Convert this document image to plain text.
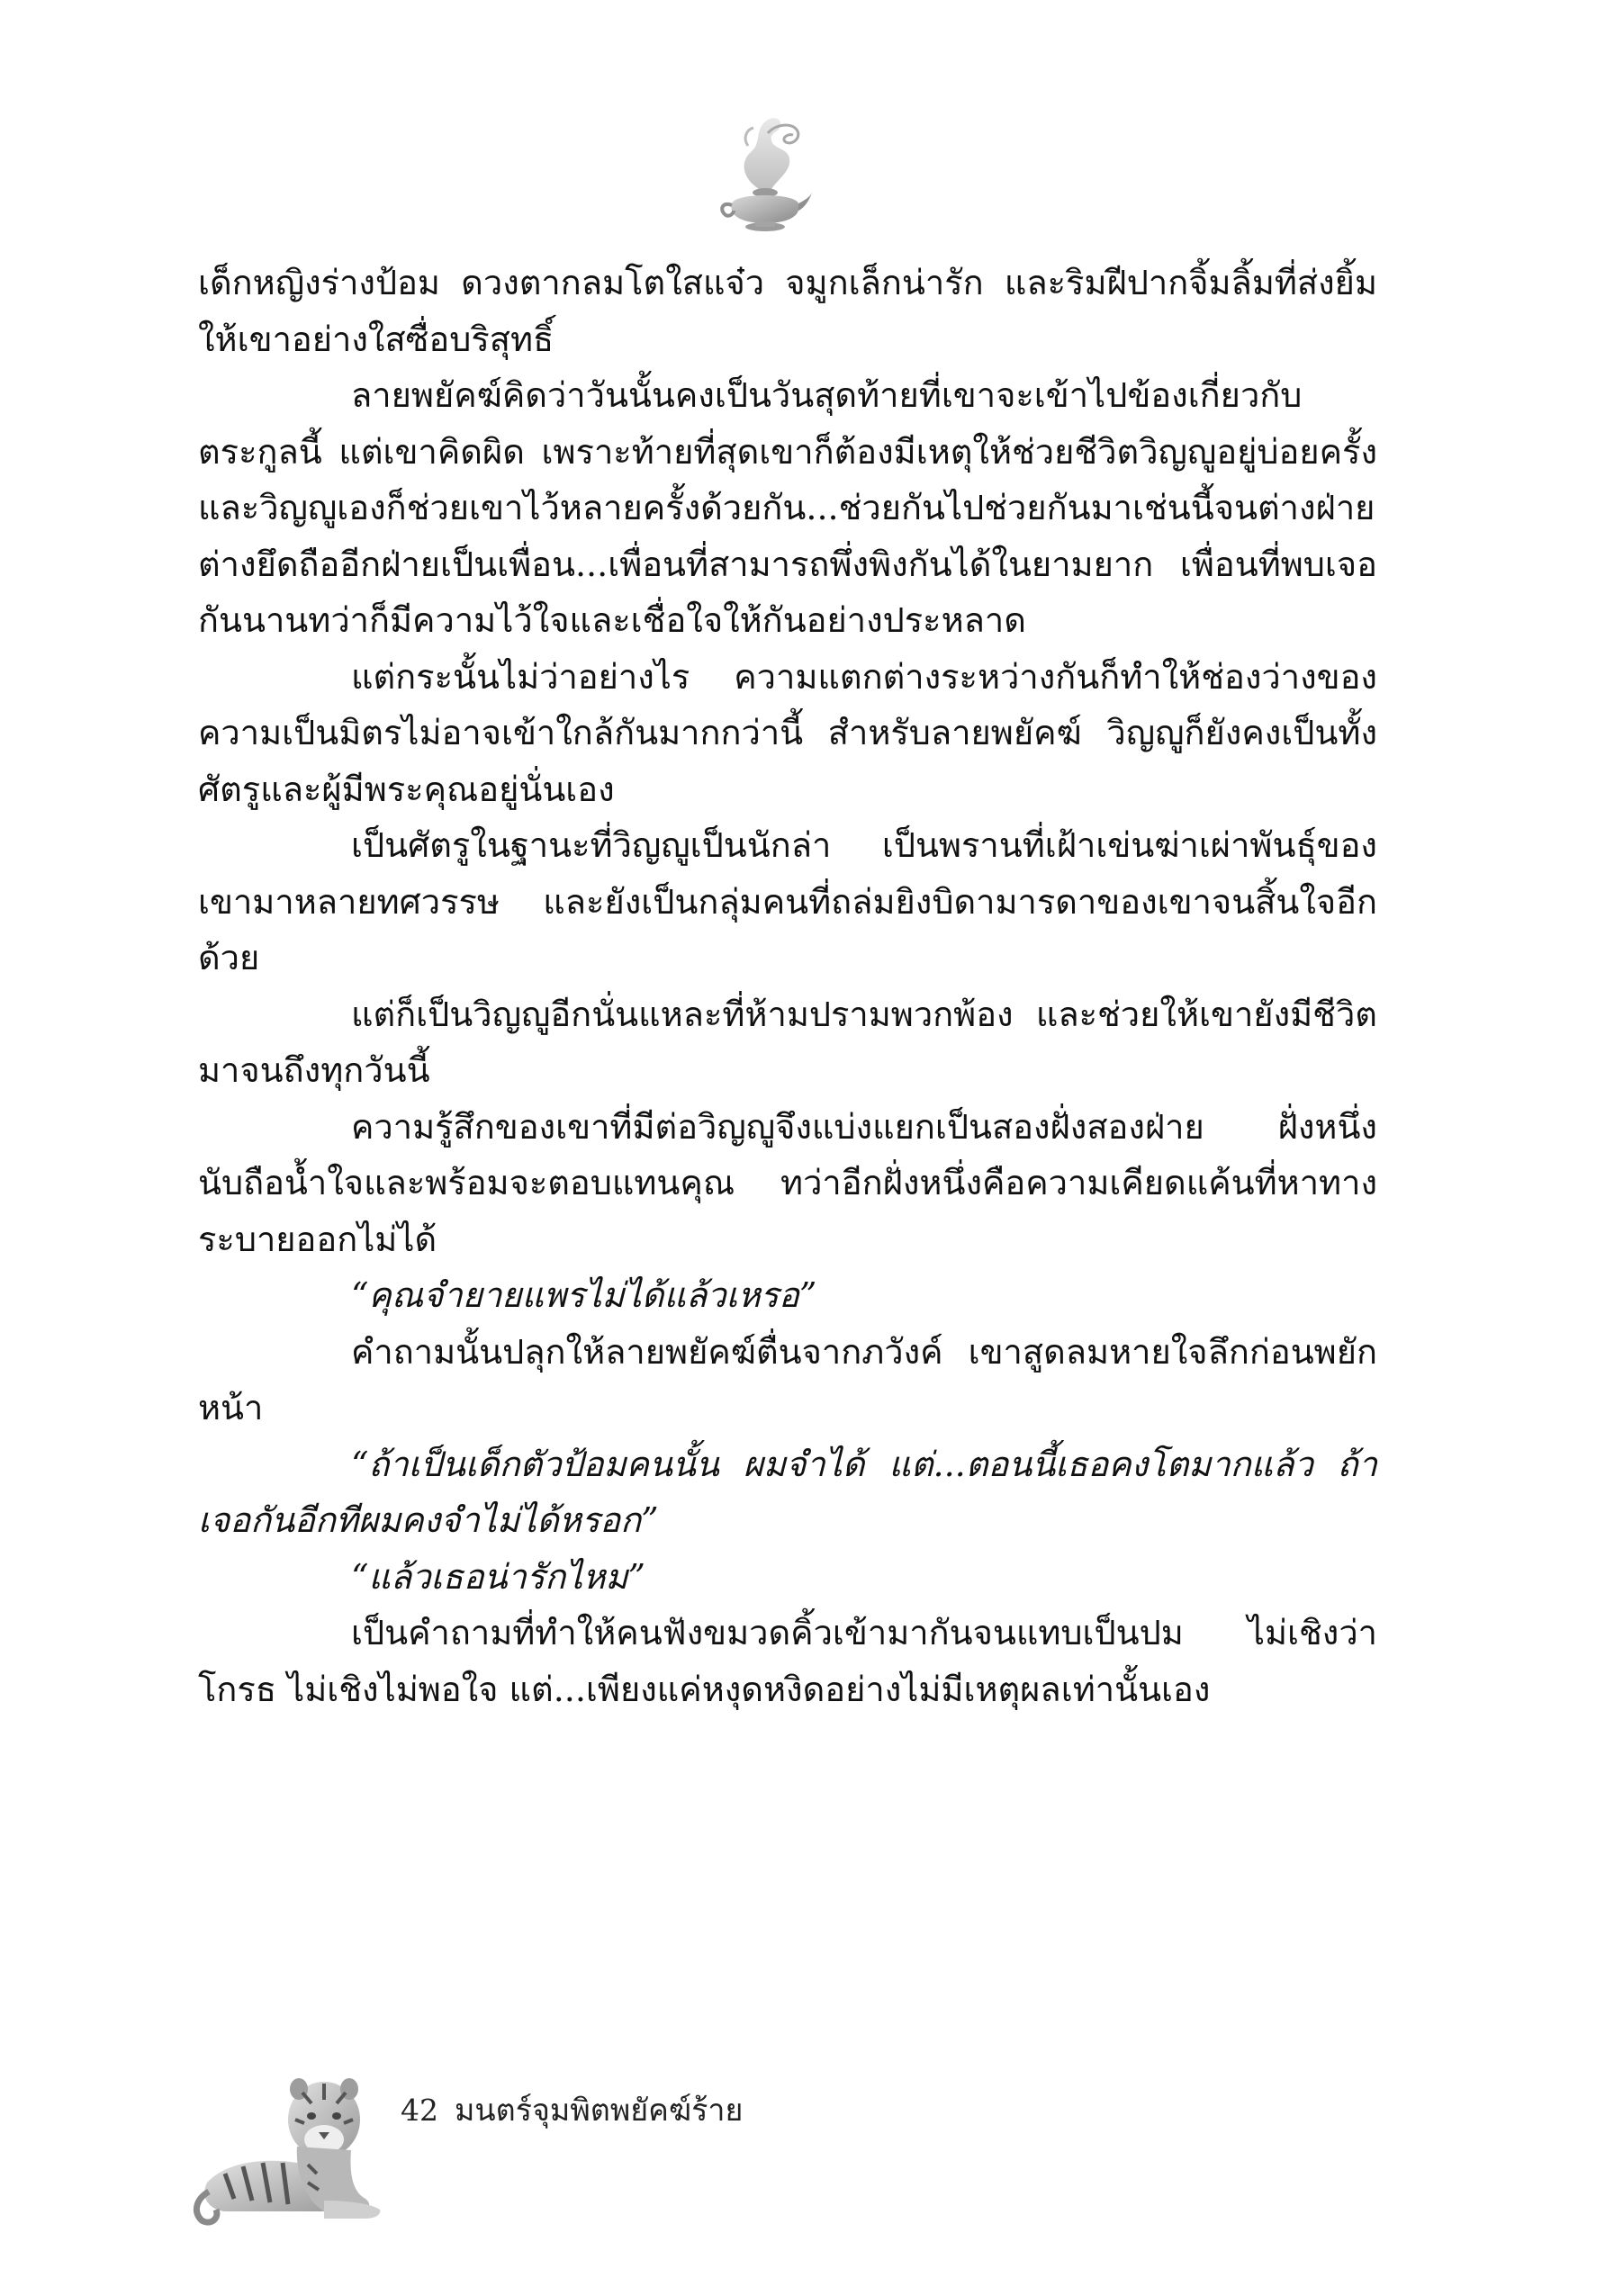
เด็กหญิงร่างป้อม ดวงตากลมโตใสแจ๋ว จมูกเล็กน่ารัก และริมฝีปากจิ้มลิ้มที่ส่งยิ้มให้เขาอย่างใสซื่อบริสุทธิ์

ลายพยัคฆ์คิดว่าวันนั้นคงเป็นวันสุดท้ายที่เขาจะเข้าไปข้องเกี่ยวกับตระกูลนี้ แต่เขาคิดผิด เพราะท้ายที่สุดเขาก็ต้องมีเหตุให้ช่วยชีวิตวิญญูอยู่บ่อยครั้ง และวิญญูเองก็ช่วยเขาไว้หลายครั้งด้วยกัน...ช่วยกันไปช่วยกันมาเช่นนี้จนต่างฝ่ายต่างยึดถืออีกฝ่ายเป็นเพื่อน...เพื่อนที่สามารถพึ่งพิงกันได้ในยามยาก เพื่อนที่พบเจอกันนานทว่าก็มีความไว้ใจและเชื่อใจให้กันอย่างประหลาด

แต่กระนั้นไม่ว่าอย่างไร ความแตกต่างระหว่างกันก็ทำให้ช่องว่างของความเป็นมิตรไม่อาจเข้าใกล้กันมากกว่านี้ สำหรับลายพยัคฆ์ วิญญูก็ยังคงเป็นทั้งศัตรูและผู้มีพระคุณอยู่นั่นเอง

เป็นศัตรูในฐานะที่วิญญูเป็นนักล่า เป็นพรานที่เฝ้าเข่นฆ่าเผ่าพันธุ์ของเขามาหลายทศวรรษ และยังเป็นกลุ่มคนที่ถล่มยิงบิดามารดาของเขาจนสิ้นใจอีกด้วย

แต่ก็เป็นวิญญูอีกนั่นแหละที่ห้ามปรามพวกพ้อง และช่วยให้เขายังมีชีวิตมาจนถึงทุกวันนี้

ความรู้สึกของเขาที่มีต่อวิญญูจึงแบ่งแยกเป็นสองฝั่งสองฝ่าย ฝั่งหนึ่งนับถือน้ำใจและพร้อมจะตอบแทนคุณ ทว่าอีกฝั่งหนึ่งคือความเคียดแค้นที่หาทางระบายออกไม่ได้

“คุณจำยายแพรไม่ได้แล้วเหรอ”

คำถามนั้นปลุกให้ลายพยัคฆ์ตื่นจากภวังค์ เขาสูดลมหายใจลึกก่อนพยักหน้า

“ถ้าเป็นเด็กตัวป้อมคนนั้น ผมจำได้ แต่...ตอนนี้เธอคงโตมากแล้ว ถ้าเจอกันอีกทีผมคงจำไม่ได้หรอก”

“แล้วเธอน่ารักไหม”

เป็นคำถามที่ทำให้คนฟังขมวดคิ้วเข้ามากันจนแทบเป็นปม ไม่เชิงว่าโกรธ ไม่เชิงไม่พอใจ แต่...เพียงแค่หงุดหงิดอย่างไม่มีเหตุผลเท่านั้นเอง

42 มนตร์จุมพิตพยัคฆ์ร้าย
